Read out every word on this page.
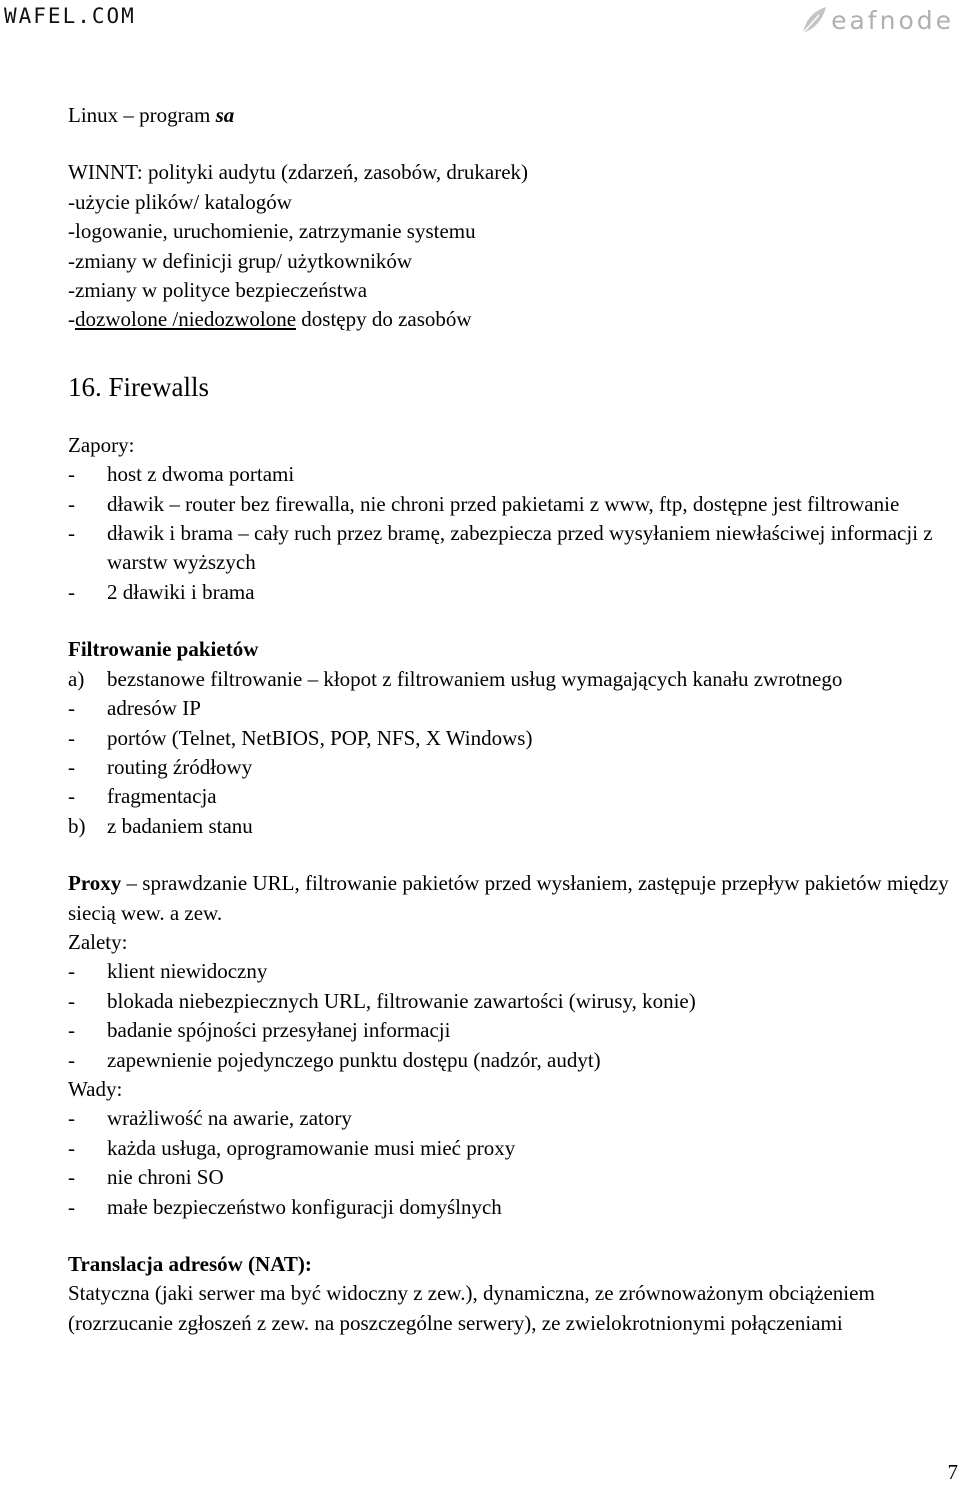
WAFEL.COM	eafnode

Linux – program sa

WINNT: polityki audytu (zdarzeń, zasobów, drukarek)

-użycie plików/ katalogów

-logowanie, uruchomienie, zatrzymanie systemu

-zmiany w definicji grup/ użytkowników

-zmiany w polityce bezpieczeństwa

-dozwolone /niedozwolone dostępy do zasobów

16. Firewalls

Zapory:

- host z dwoma portami
- dławik – router bez firewalla, nie chroni przed pakietami z www, ftp, dostępne jest filtrowanie
- dławik i brama – cały ruch przez bramę, zabezpiecza przed wysyłaniem niewłaściwej informacji z warstw wyższych
- 2 dławiki i brama

Filtrowanie pakietów

a) bezstanowe filtrowanie – kłopot z filtrowaniem usług wymagających kanału zwrotnego
- adresów IP
- portów (Telnet, NetBIOS, POP, NFS, X Windows)
- routing źródłowy
- fragmentacja
b) z badaniem stanu

Proxy – sprawdzanie URL, filtrowanie pakietów przed wysłaniem, zastępuje przepływ pakietów między siecią wew. a zew.

Zalety:

- klient niewidoczny
- blokada niebezpiecznych URL, filtrowanie zawartości (wirusy, konie)
- badanie spójności przesyłanej informacji
- zapewnienie pojedynczego punktu dostępu (nadzór, audyt)

Wady:

- wrażliwość na awarie, zatory
- każda usługa, oprogramowanie musi mieć proxy
- nie chroni SO
- małe bezpieczeństwo konfiguracji domyślnych

Translacja adresów (NAT):

Statyczna (jaki serwer ma być widoczny z zew.), dynamiczna, ze zrównoważonym obciążeniem (rozrzucanie zgłoszeń z zew. na poszczególne serwery), ze zwielokrotnionymi połączeniami

7
